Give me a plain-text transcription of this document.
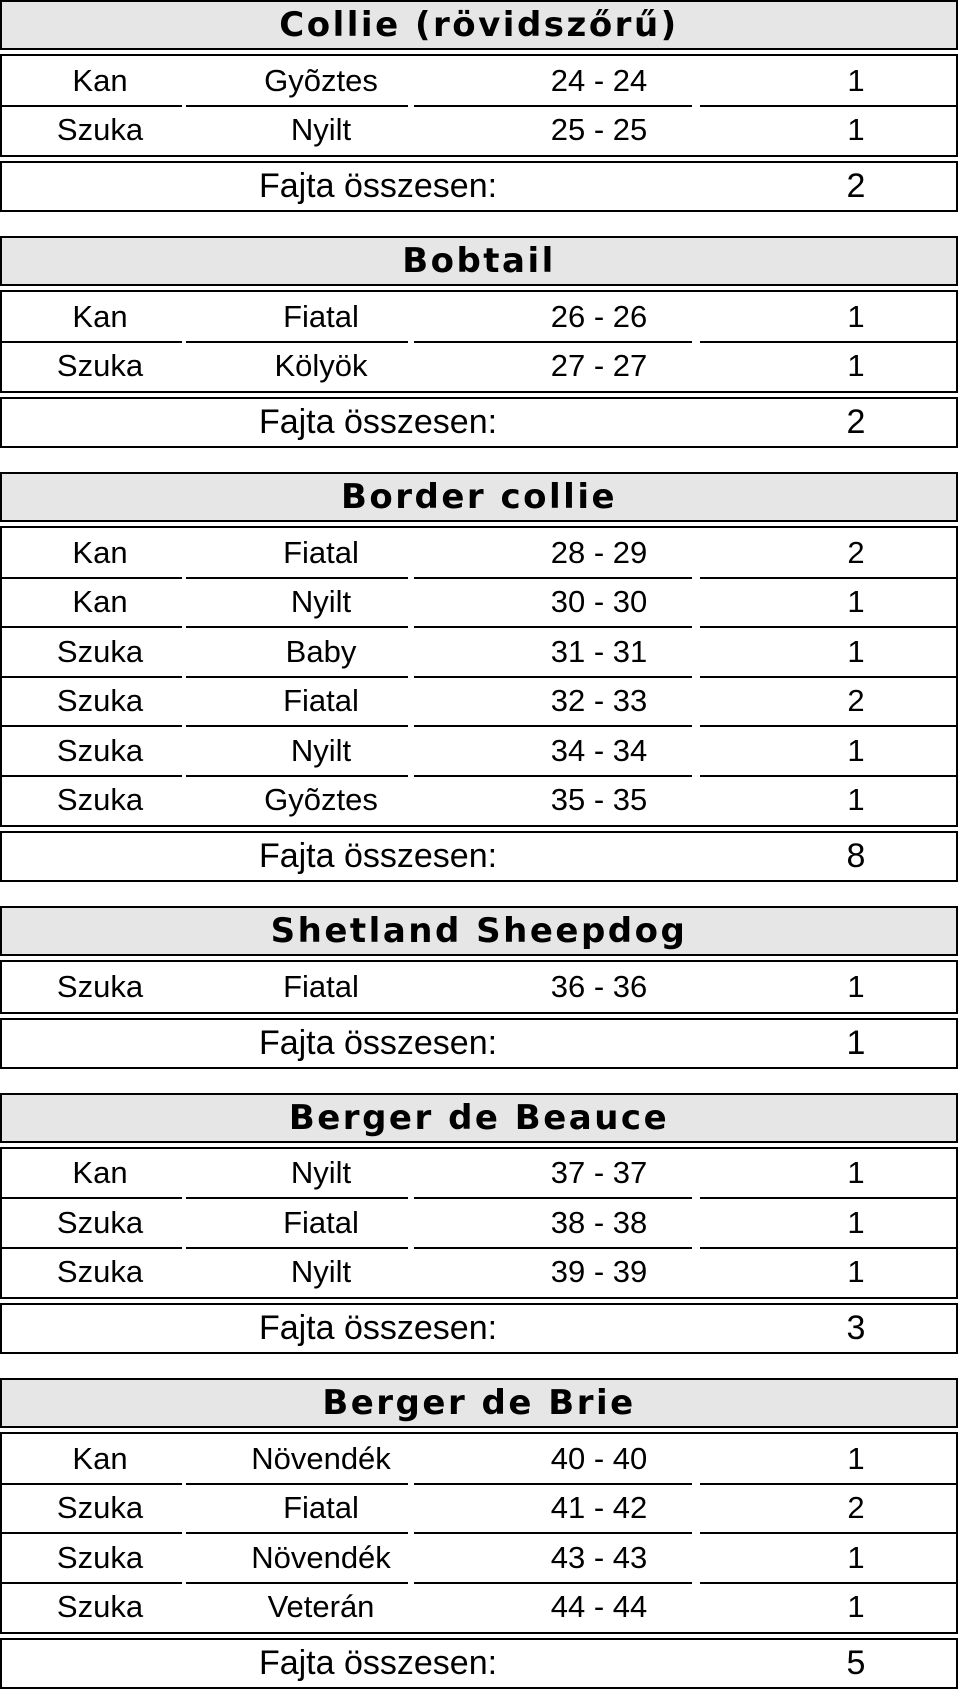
Collie (rövidszőrű)
Kan	Gyõztes	24 - 24	1
Szuka	Nyilt	25 - 25	1
Fajta összesen:	2
Bobtail
Kan	Fiatal	26 - 26	1
Szuka	Kölyök	27 - 27	1
Fajta összesen:	2
Border collie
Kan	Fiatal	28 - 29	2
Kan	Nyilt	30 - 30	1
Szuka	Baby	31 - 31	1
Szuka	Fiatal	32 - 33	2
Szuka	Nyilt	34 - 34	1
Szuka	Gyõztes	35 - 35	1
Fajta összesen:	8
Shetland Sheepdog
Szuka	Fiatal	36 - 36	1
Fajta összesen:	1
Berger de Beauce
Kan	Nyilt	37 - 37	1
Szuka	Fiatal	38 - 38	1
Szuka	Nyilt	39 - 39	1
Fajta összesen:	3
Berger de Brie
Kan	Növendék	40 - 40	1
Szuka	Fiatal	41 - 42	2
Szuka	Növendék	43 - 43	1
Szuka	Veterán	44 - 44	1
Fajta összesen:	5
